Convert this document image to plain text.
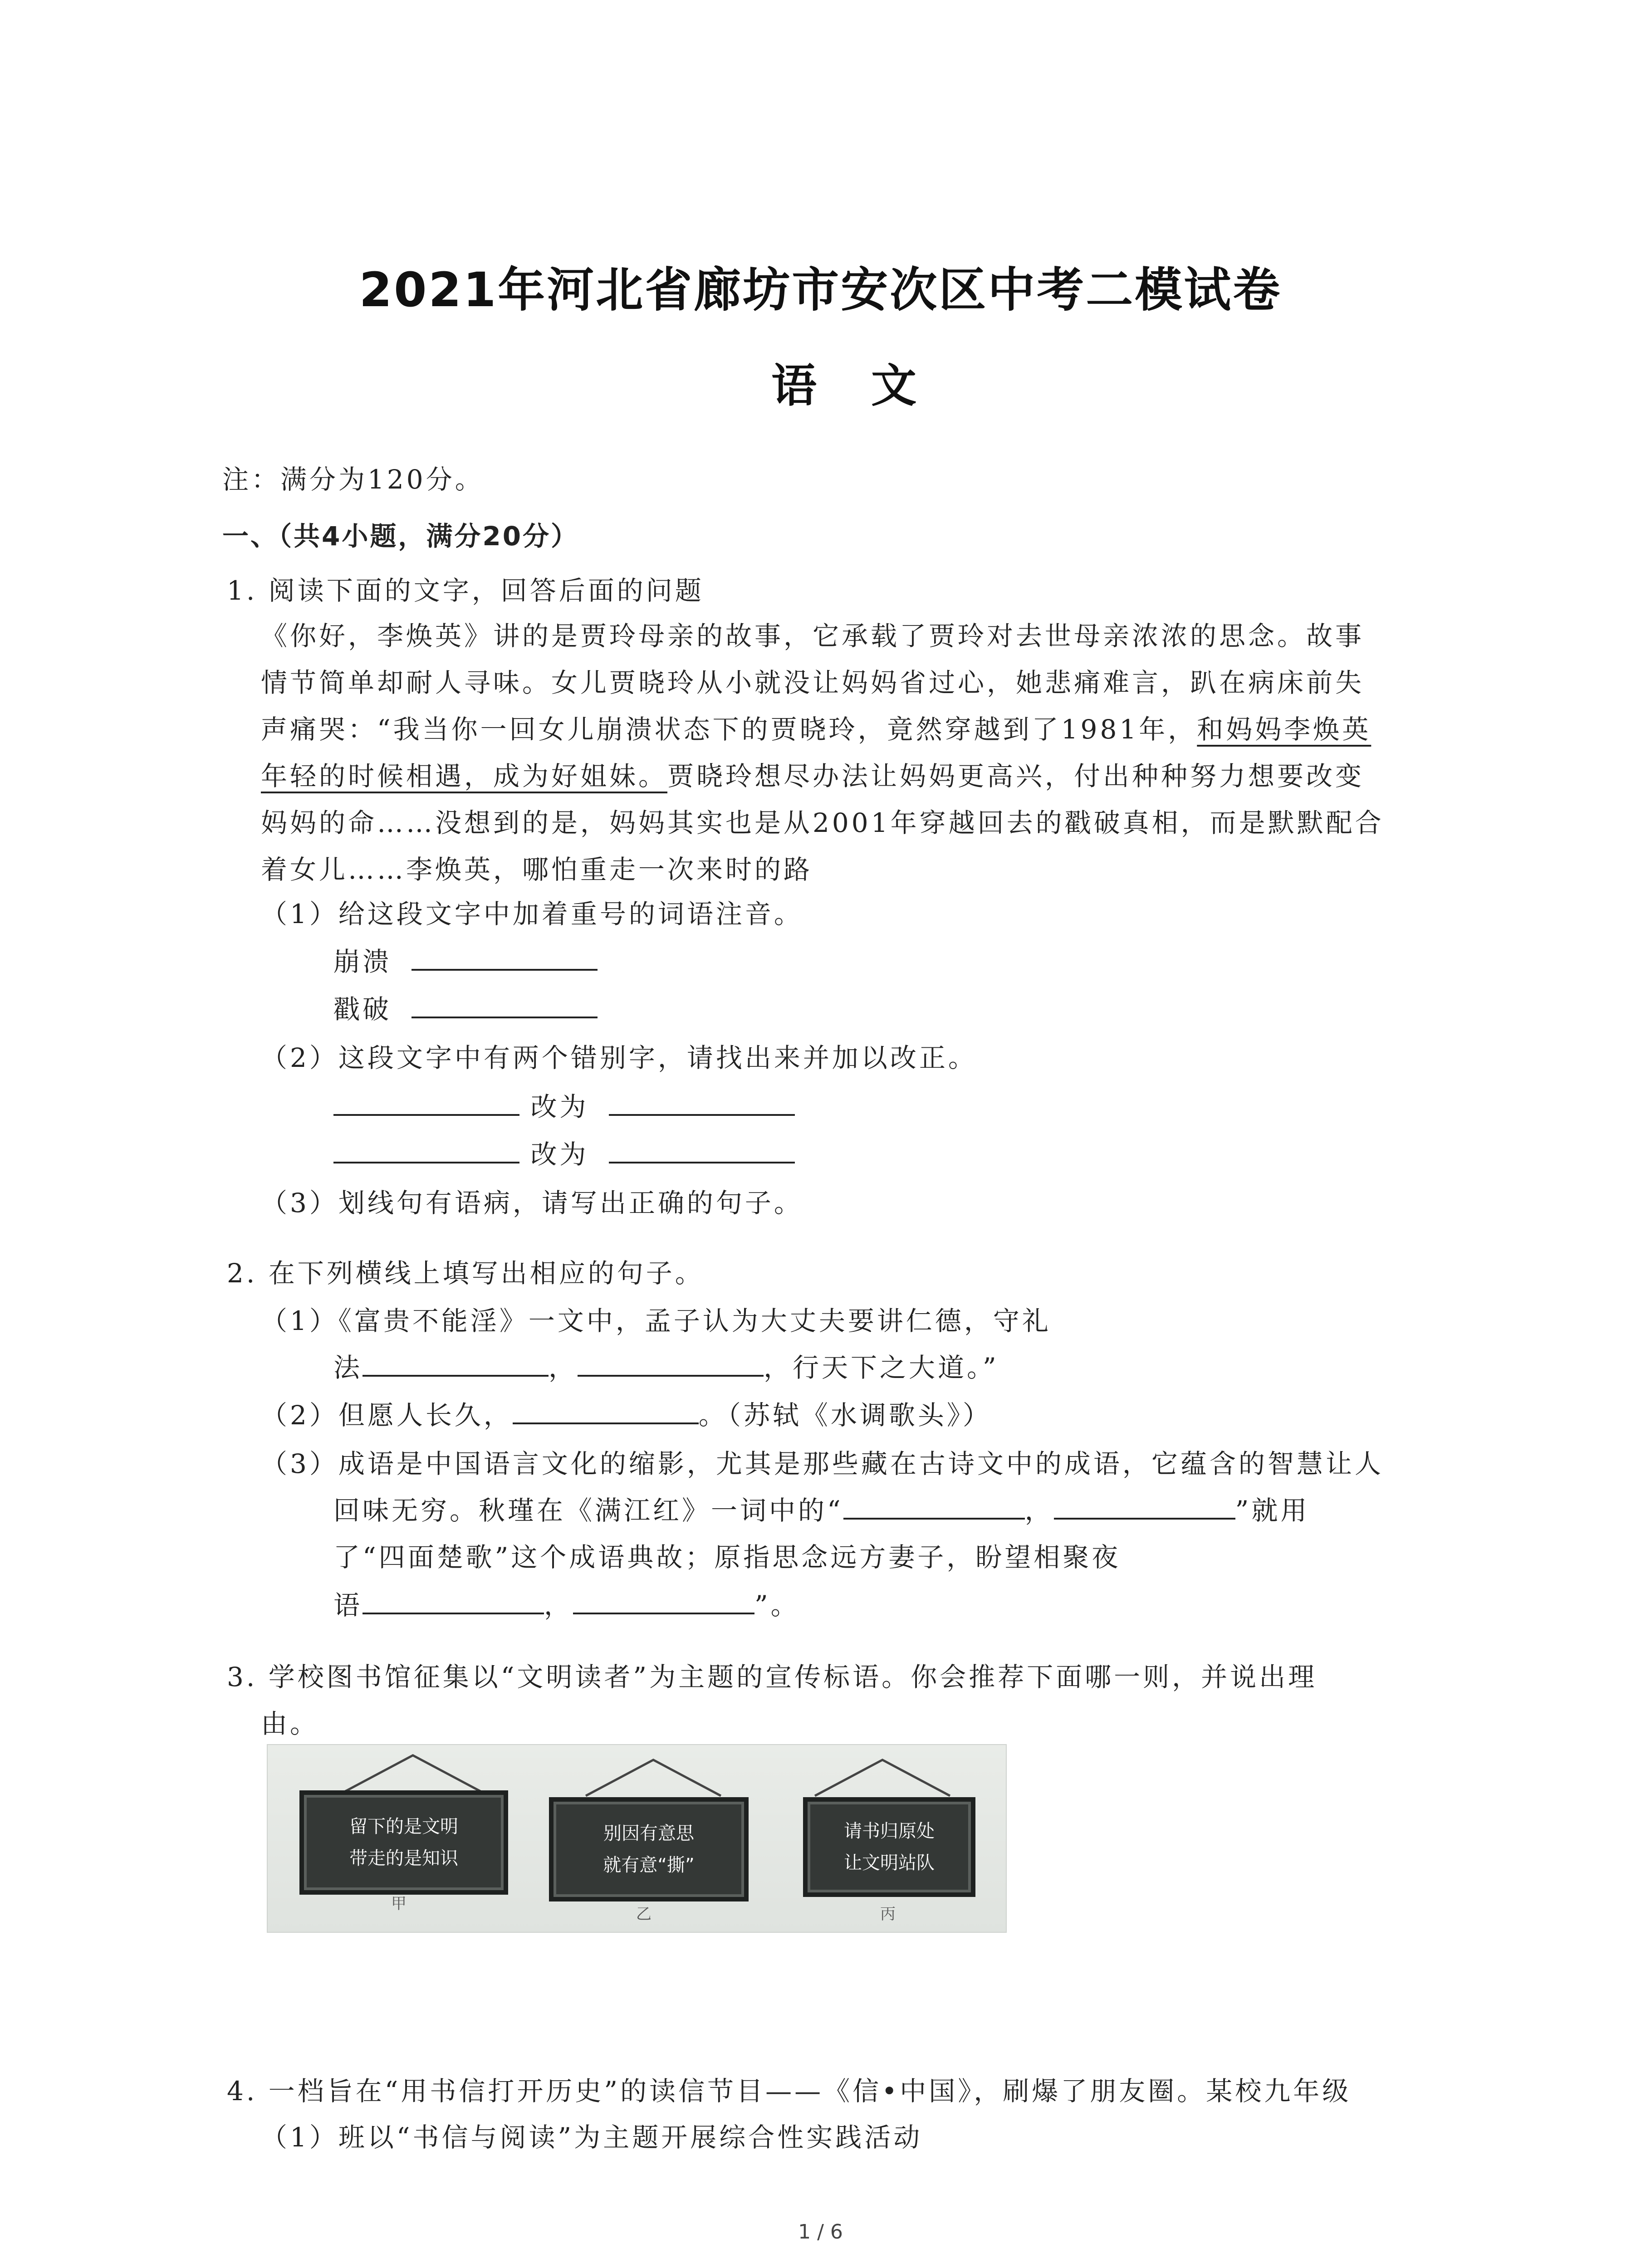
2021年河北省廊坊市安次区中考二模试卷
语文
注：满分为120分。
一、（共4小题，满分20分）
1. 阅读下面的文字，回答后面的问题
《你好，李焕英》讲的是贾玲母亲的故事，它承载了贾玲对去世母亲浓浓的思念。故事
情节简单却耐人寻味。女儿贾晓玲从小就没让妈妈省过心，她悲痛难言，趴在病床前失
声痛哭：“我当你一回女儿崩溃状态下的贾晓玲，竟然穿越到了1981年，和妈妈李焕英
年轻的时候相遇，成为好姐妹。贾晓玲想尽办法让妈妈更高兴，付出种种努力想要改变
妈妈的命……没想到的是，妈妈其实也是从2001年穿越回去的戳破真相，而是默默配合
着女儿……李焕英，哪怕重走一次来时的路
（1）给这段文字中加着重号的词语注音。
崩溃
戳破
（2）这段文字中有两个错别字，请找出来并加以改正。
改为
改为
（3）划线句有语病，请写出正确的句子。
2. 在下列横线上填写出相应的句子。
（1）《富贵不能淫》一文中，孟子认为大丈夫要讲仁德，守礼
法	，	，行天下之大道。”
（2）但愿人长久，	。（苏轼《水调歌头》）
（3）成语是中国语言文化的缩影，尤其是那些藏在古诗文中的成语，它蕴含的智慧让人
回味无穷。秋瑾在《满江红》一词中的“	，	”就用
了“四面楚歌”这个成语典故；原指思念远方妻子，盼望相聚夜
语	，	”。
3. 学校图书馆征集以“文明读者”为主题的宣传标语。你会推荐下面哪一则，并说出理
由。
留下的是文明
带走的是知识
甲
别因有意思
就有意“撕”
乙
请书归原处
让文明站队
丙
4. 一档旨在“用书信打开历史”的读信节目——《信•中国》，刷爆了朋友圈。某校九年级
（1）班以“书信与阅读”为主题开展综合性实践活动
1 / 6
